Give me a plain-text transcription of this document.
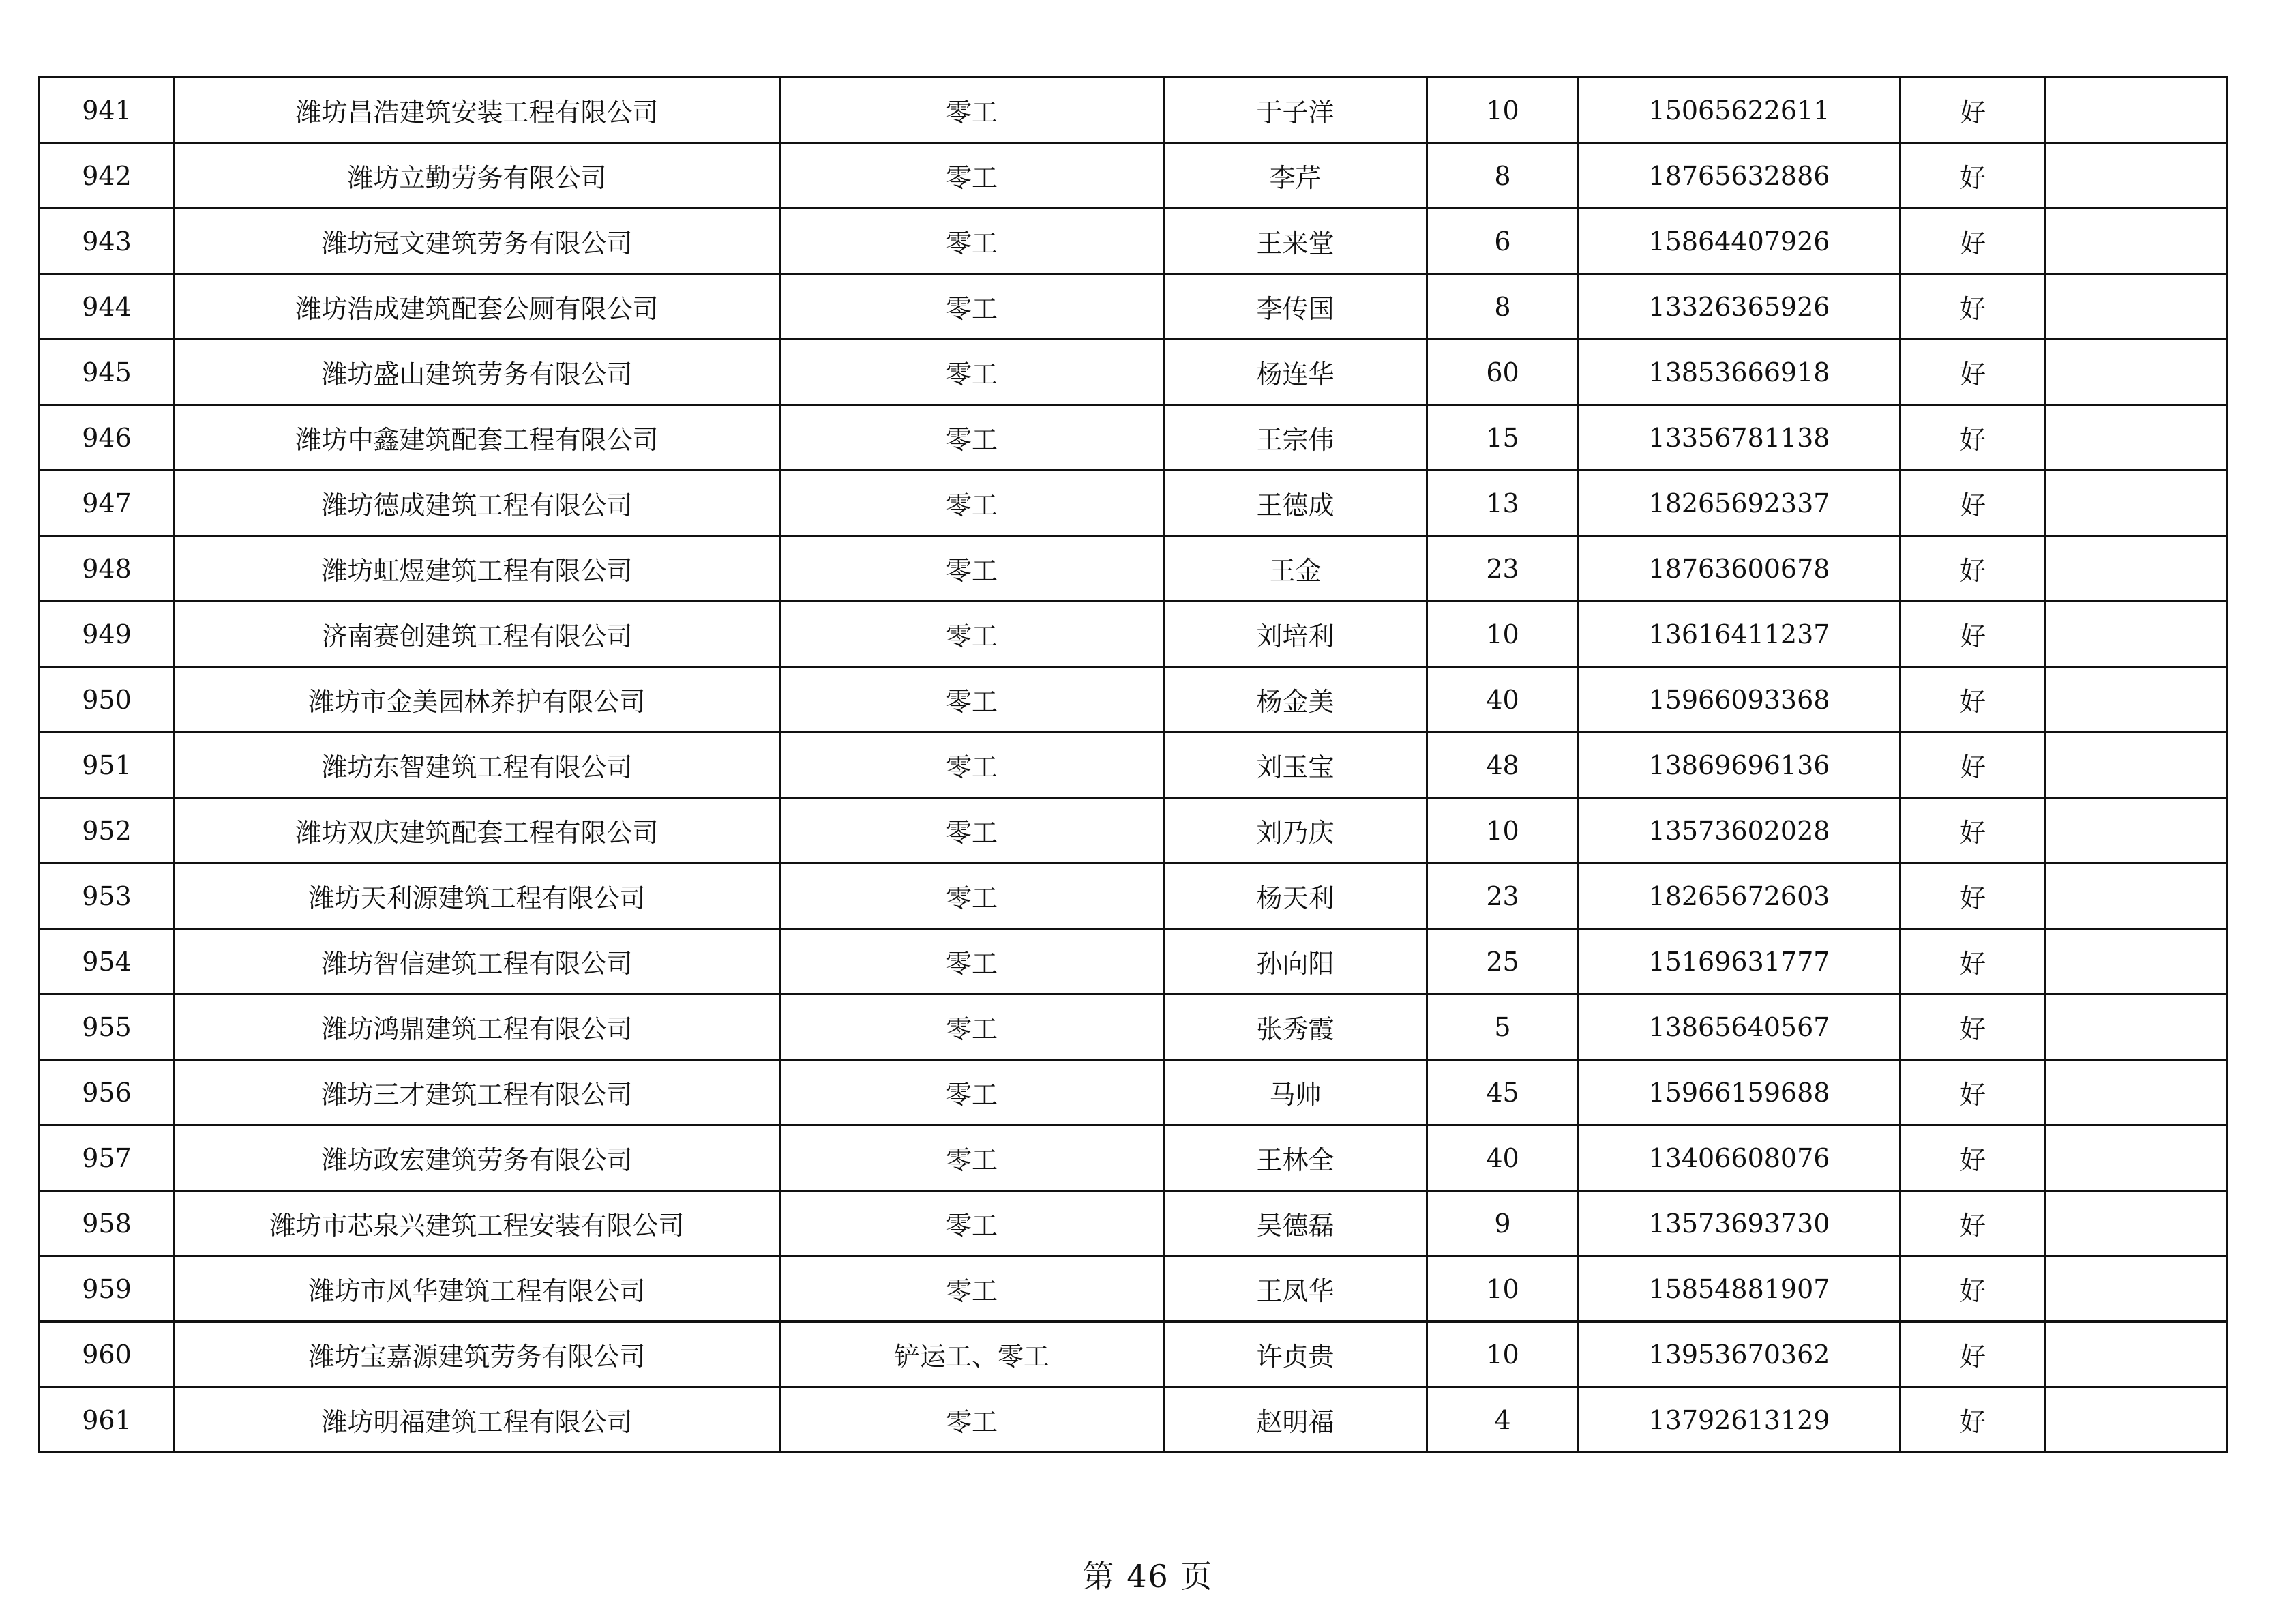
941	潍坊昌浩建筑安装工程有限公司	零工	于子洋	10	15065622611	好	
942	潍坊立勤劳务有限公司	零工	李芹	8	18765632886	好	
943	潍坊冠文建筑劳务有限公司	零工	王来堂	6	15864407926	好	
944	潍坊浩成建筑配套公厕有限公司	零工	李传国	8	13326365926	好	
945	潍坊盛山建筑劳务有限公司	零工	杨连华	60	13853666918	好	
946	潍坊中鑫建筑配套工程有限公司	零工	王宗伟	15	13356781138	好	
947	潍坊德成建筑工程有限公司	零工	王德成	13	18265692337	好	
948	潍坊虹煜建筑工程有限公司	零工	王金	23	18763600678	好	
949	济南赛创建筑工程有限公司	零工	刘培利	10	13616411237	好	
950	潍坊市金美园林养护有限公司	零工	杨金美	40	15966093368	好	
951	潍坊东智建筑工程有限公司	零工	刘玉宝	48	13869696136	好	
952	潍坊双庆建筑配套工程有限公司	零工	刘乃庆	10	13573602028	好	
953	潍坊天利源建筑工程有限公司	零工	杨天利	23	18265672603	好	
954	潍坊智信建筑工程有限公司	零工	孙向阳	25	15169631777	好	
955	潍坊鸿鼎建筑工程有限公司	零工	张秀霞	5	13865640567	好	
956	潍坊三才建筑工程有限公司	零工	马帅	45	15966159688	好	
957	潍坊政宏建筑劳务有限公司	零工	王林全	40	13406608076	好	
958	潍坊市芯泉兴建筑工程安装有限公司	零工	吴德磊	9	13573693730	好	
959	潍坊市风华建筑工程有限公司	零工	王凤华	10	15854881907	好	
960	潍坊宝嘉源建筑劳务有限公司	铲运工、零工	许贞贵	10	13953670362	好	
961	潍坊明福建筑工程有限公司	零工	赵明福	4	13792613129	好	
第 46 页
